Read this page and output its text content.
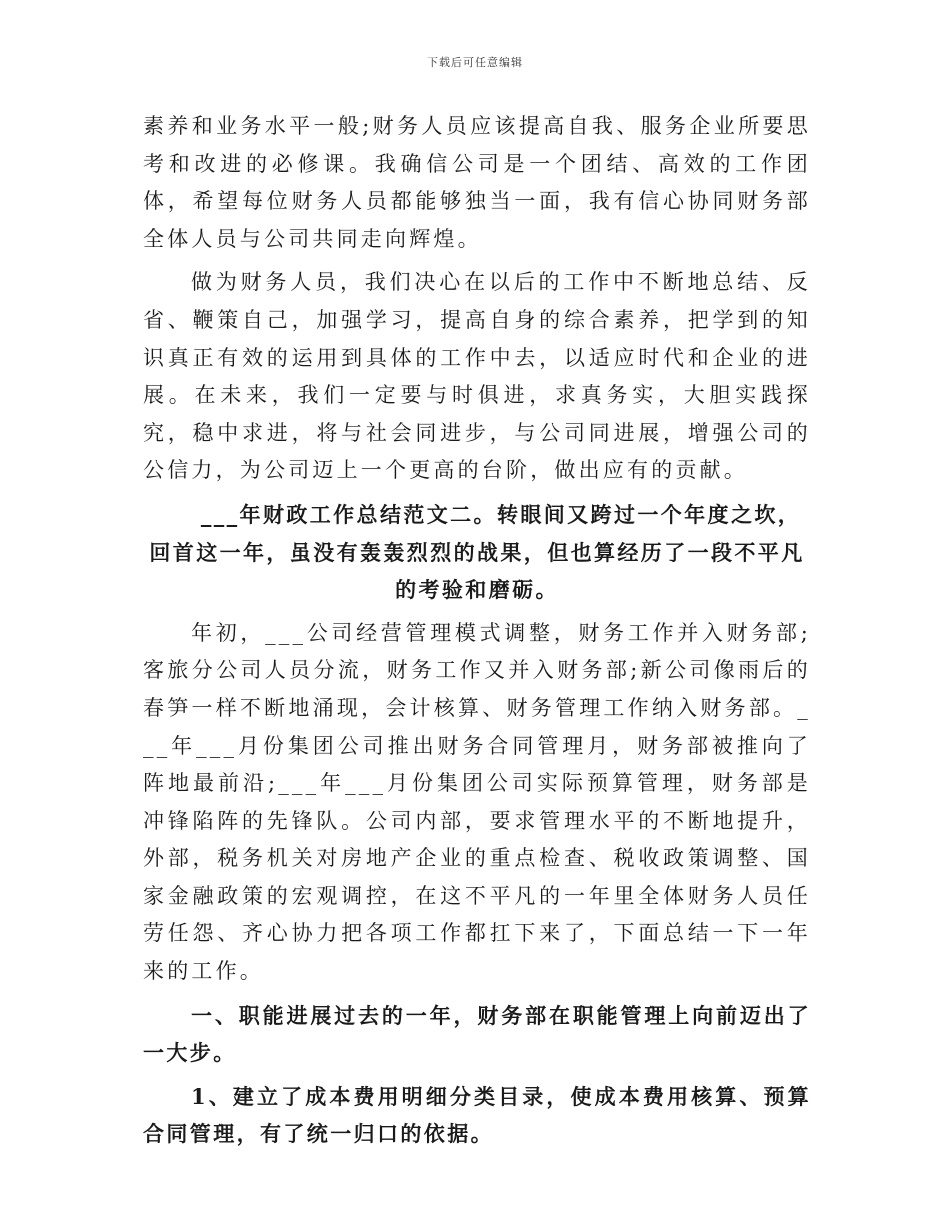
下载后可任意编辑

素养和业务水平一般;财务人员应该提高自我、服务企业所要思考和改进的必修课。我确信公司是一个团结、高效的工作团体，希望每位财务人员都能够独当一面，我有信心协同财务部全体人员与公司共同走向辉煌。

做为财务人员，我们决心在以后的工作中不断地总结、反省、鞭策自己，加强学习，提高自身的综合素养，把学到的知识真正有效的运用到具体的工作中去，以适应时代和企业的进展。在未来，我们一定要与时俱进，求真务实，大胆实践探究，稳中求进，将与社会同进步，与公司同进展，增强公司的公信力，为公司迈上一个更高的台阶，做出应有的贡献。

___年财政工作总结范文二。转眼间又跨过一个年度之坎，回首这一年，虽没有轰轰烈烈的战果，但也算经历了一段不平凡的考验和磨砺。

年初，___公司经营管理模式调整，财务工作并入财务部;客旅分公司人员分流，财务工作又并入财务部;新公司像雨后的春笋一样不断地涌现，会计核算、财务管理工作纳入财务部。___年___月份集团公司推出财务合同管理月，财务部被推向了阵地最前沿;___年___月份集团公司实际预算管理，财务部是冲锋陷阵的先锋队。公司内部，要求管理水平的不断地提升，外部，税务机关对房地产企业的重点检查、税收政策调整、国家金融政策的宏观调控，在这不平凡的一年里全体财务人员任劳任怨、齐心协力把各项工作都扛下来了，下面总结一下一年来的工作。

一、职能进展过去的一年，财务部在职能管理上向前迈出了一大步。

1、建立了成本费用明细分类目录，使成本费用核算、预算合同管理，有了统一归口的依据。
